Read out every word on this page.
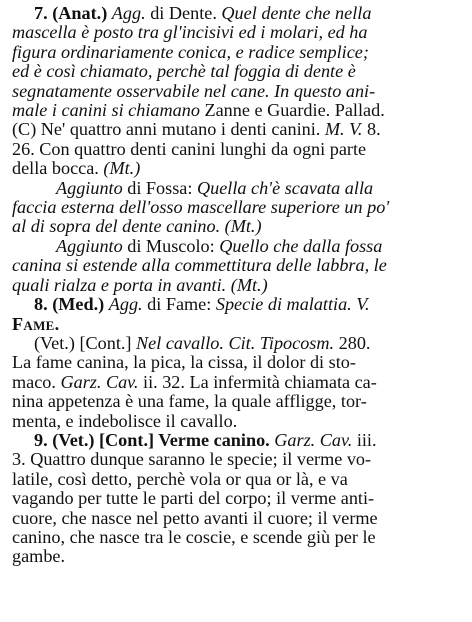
7. (Anat.) Agg. di Dente. Quel dente che nella
mascella è posto tra gl'incisivi ed i molari, ed ha
figura ordinariamente conica, e radice semplice;
ed è così chiamato, perchè tal foggia di dente è
segnatamente osservabile nel cane. In questo ani-
male i canini si chiamano Zanne e Guardie. Pallad.
(C) Ne' quattro anni mutano i denti canini. M. V. 8.
26. Con quattro denti canini lunghi da ogni parte
della bocca. (Mt.)

Aggiunto di Fossa: Quella ch'è scavata alla
faccia esterna dell'osso mascellare superiore un po'
al di sopra del dente canino. (Mt.)

Aggiunto di Muscolo: Quello che dalla fossa
canina si estende alla commettitura delle labbra, le
quali rialza e porta in avanti. (Mt.)

8. (Med.) Agg. di Fame: Specie di malattia. V.
Fame.

(Vet.) [Cont.] Nel cavallo. Cit. Tipocosm. 280.
La fame canina, la pica, la cissa, il dolor di sto-
maco. Garz. Cav. ii. 32. La infermità chiamata ca-
nina appetenza è una fame, la quale affligge, tor-
menta, e indebolisce il cavallo.

9. (Vet.) [Cont.] Verme canino. Garz. Cav. iii.
3. Quattro dunque saranno le specie; il verme vo-
latile, così detto, perchè vola or qua or là, e va
vagando per tutte le parti del corpo; il verme anti-
cuore, che nasce nel petto avanti il cuore; il verme
canino, che nasce tra le coscie, e scende giù per le
gambe.
